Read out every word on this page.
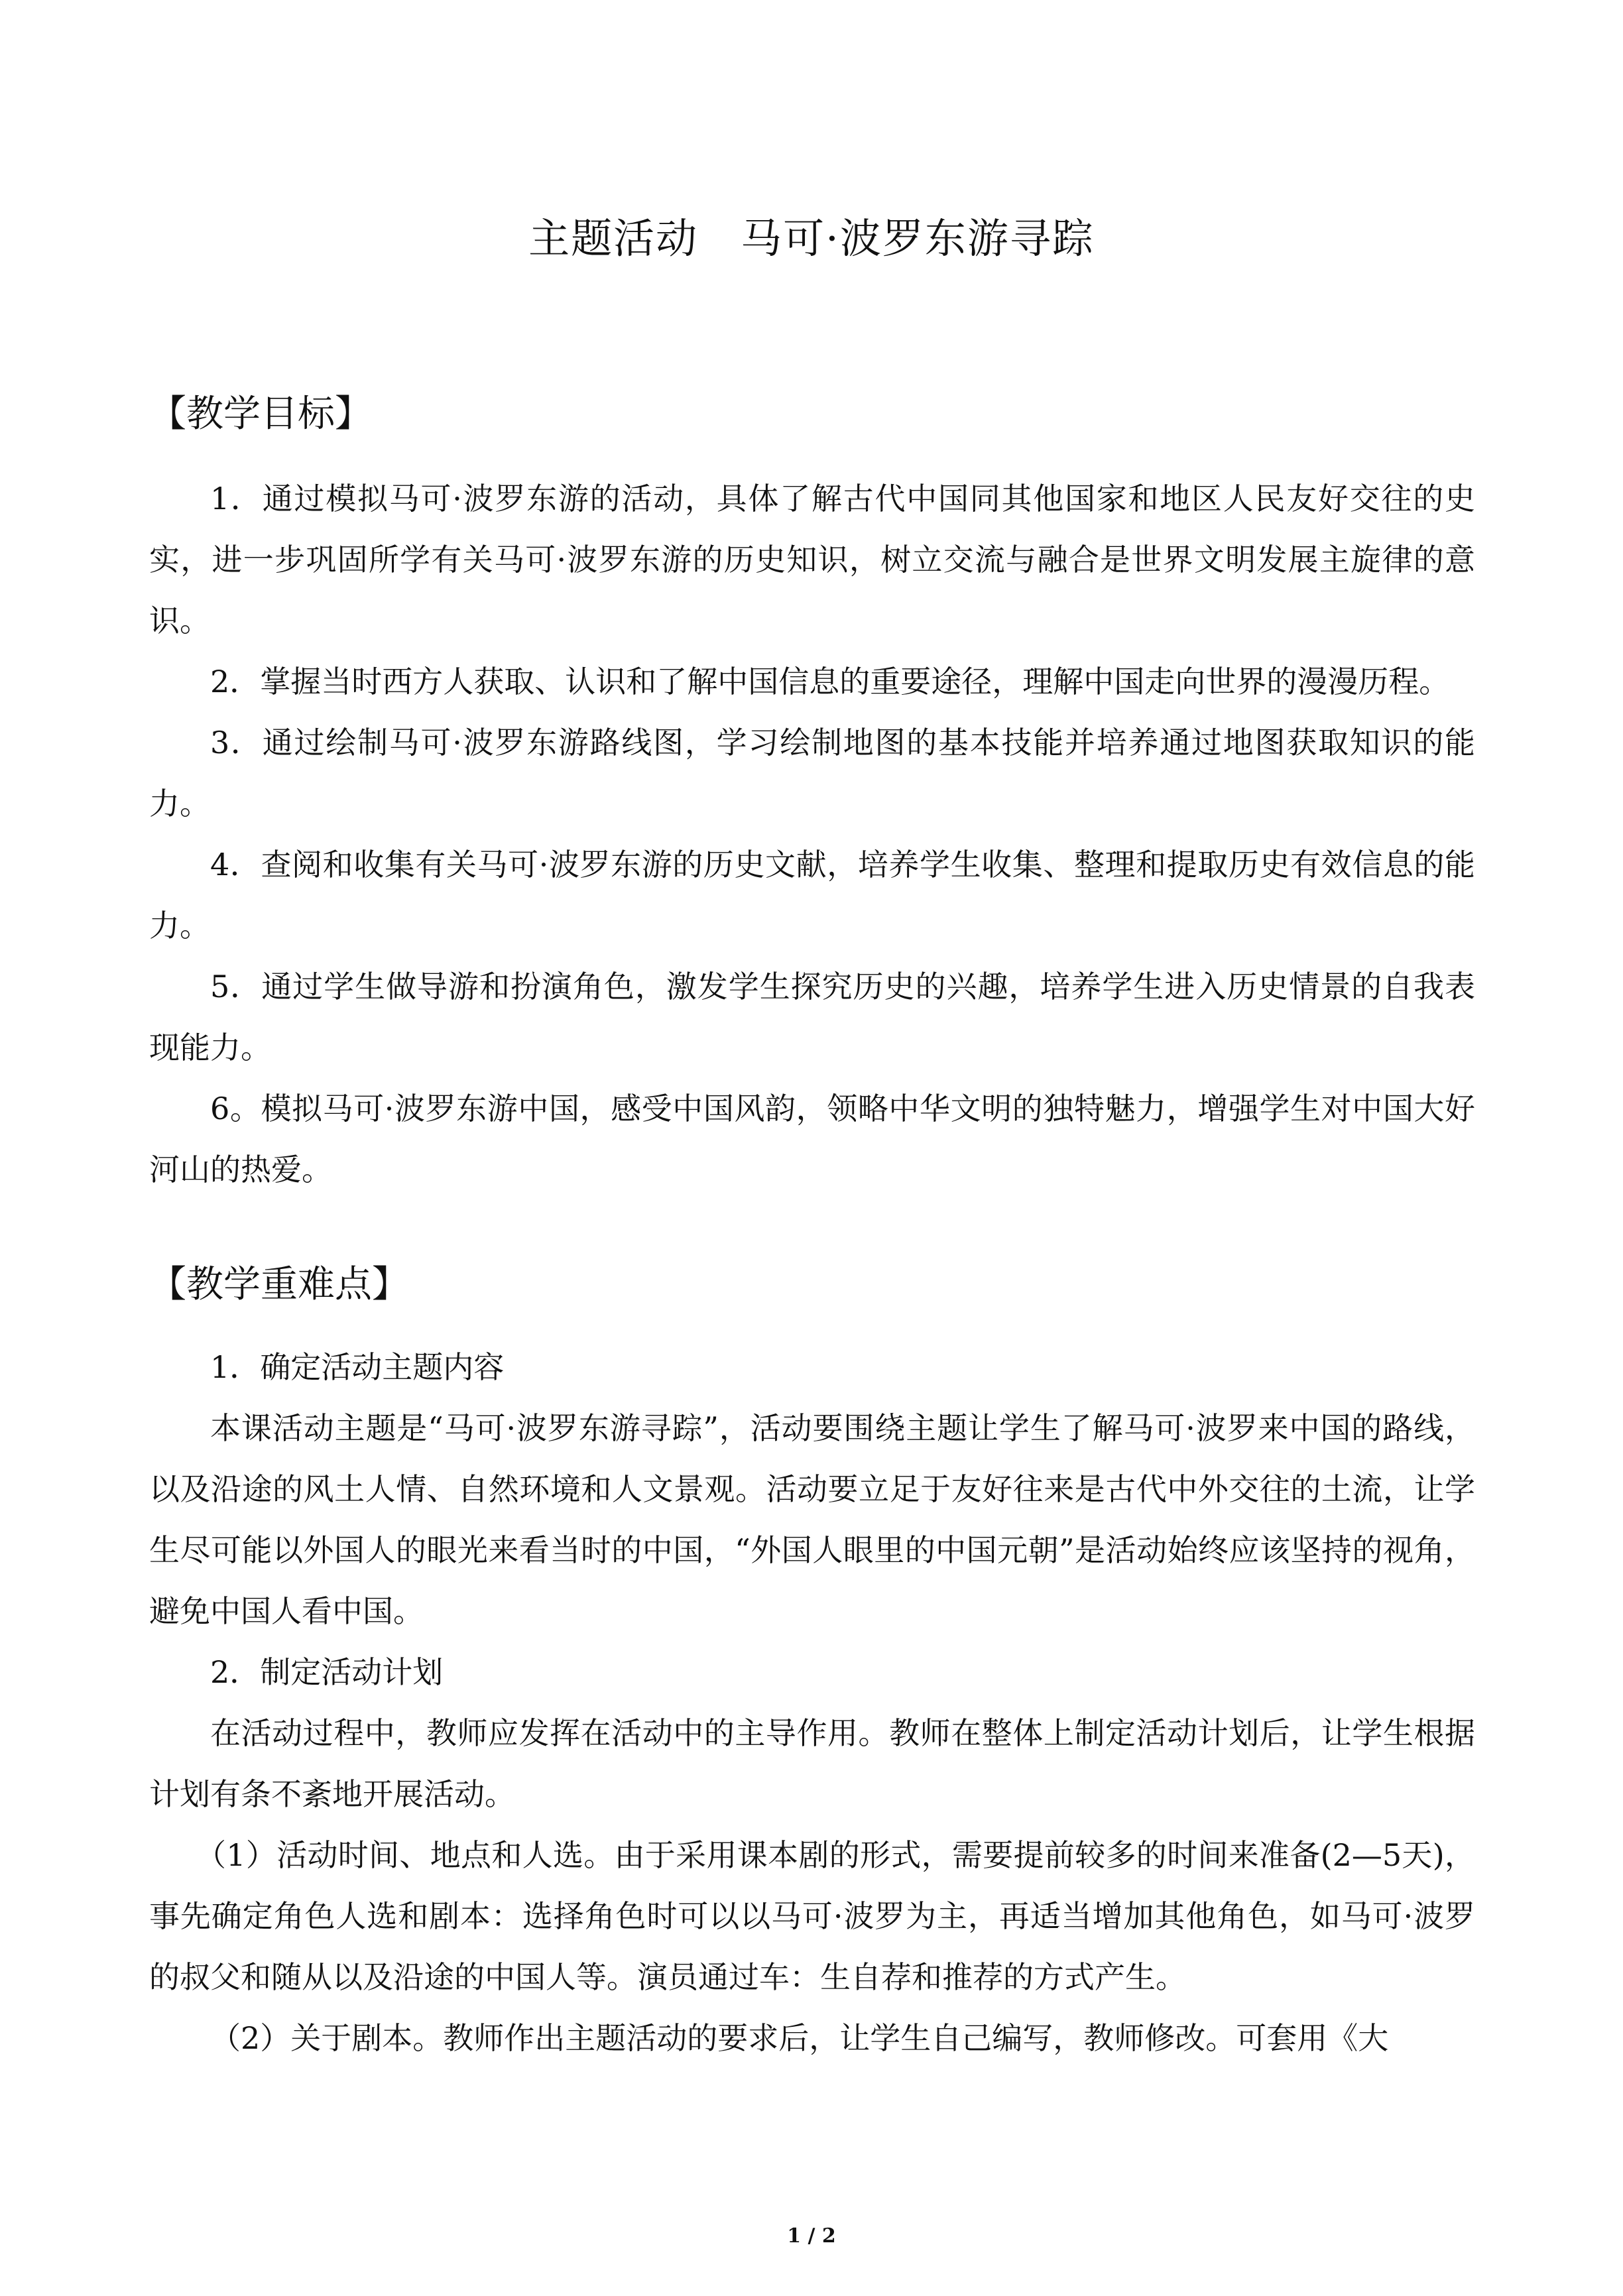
主题活动　马可·波罗东游寻踪
【教学目标】

1．通过模拟马可·波罗东游的活动，具体了解古代中国同其他国家和地区人民友好交往的史实，进一步巩固所学有关马可·波罗东游的历史知识，树立交流与融合是世界文明发展主旋律的意识。

2．掌握当时西方人获取、认识和了解中国信息的重要途径，理解中国走向世界的漫漫历程。

3．通过绘制马可·波罗东游路线图，学习绘制地图的基本技能并培养通过地图获取知识的能力。

4．查阅和收集有关马可·波罗东游的历史文献，培养学生收集、整理和提取历史有效信息的能力。

5．通过学生做导游和扮演角色，激发学生探究历史的兴趣，培养学生进入历史情景的自我表现能力。

6。模拟马可·波罗东游中国，感受中国风韵，领略中华文明的独特魅力，增强学生对中国大好河山的热爱。

【教学重难点】

1．确定活动主题内容

本课活动主题是“马可·波罗东游寻踪”，活动要围绕主题让学生了解马可·波罗来中国的路线，以及沿途的风土人情、自然环境和人文景观。活动要立足于友好往来是古代中外交往的土流，让学生尽可能以外国人的眼光来看当时的中国，“外国人眼里的中国元朝”是活动始终应该坚持的视角，避免中国人看中国。

2．制定活动计划

在活动过程中，教师应发挥在活动中的主导作用。教师在整体上制定活动计划后，让学生根据计划有条不紊地开展活动。

（1）活动时间、地点和人选。由于采用课本剧的形式，需要提前较多的时间来准备(2—5天)，事先确定角色人选和剧本：选择角色时可以以马可·波罗为主，再适当增加其他角色，如马可·波罗的叔父和随从以及沿途的中国人等。演员通过车：生自荐和推荐的方式产生。

（2）关于剧本。教师作出主题活动的要求后，让学生自己编写，教师修改。可套用《大

1 / 2
